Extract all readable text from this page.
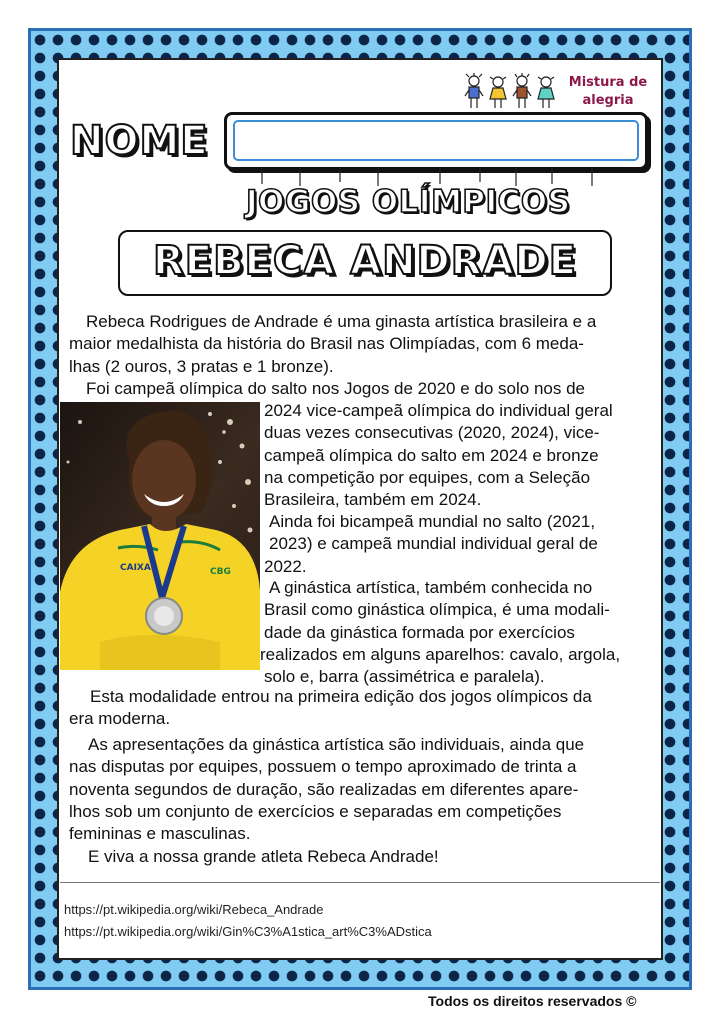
Mistura de
alegria
NOME
JOGOS OLÍMPICOS
REBECA ANDRADE
Rebeca Rodrigues de Andrade é uma ginasta artística brasileira e a
maior medalhista da história do Brasil nas Olimpíadas, com 6 meda-
lhas (2 ouros, 3 pratas e 1 bronze).
Foi campeã olímpica do salto nos Jogos de 2020 e do solo nos de
CAIXA	CBG
2024 vice-campeã olímpica do individual geral
duas vezes consecutivas (2020, 2024), vice-
campeã olímpica do salto em 2024 e bronze
na competição por equipes, com a Seleção
Brasileira, também em 2024.
Ainda foi bicampeã mundial no salto (2021,
2023) e campeã mundial individual geral de
2022.
A ginástica artística, também conhecida no
Brasil como ginástica olímpica, é uma modali-
dade da ginástica formada por exercícios
realizados em alguns aparelhos: cavalo, argola,
solo e, barra (assimétrica e paralela).
Esta modalidade entrou na primeira edição dos jogos olímpicos da
era moderna.
As apresentações da ginástica artística são individuais, ainda que
nas disputas por equipes, possuem o tempo aproximado de trinta a
noventa segundos de duração, são realizadas em diferentes apare-
lhos sob um conjunto de exercícios e separadas em competições
femininas e masculinas.
E viva a nossa grande atleta Rebeca Andrade!
https://pt.wikipedia.org/wiki/Rebeca_Andrade
https://pt.wikipedia.org/wiki/Gin%C3%A1stica_art%C3%ADstica
Todos os direitos reservados ©
